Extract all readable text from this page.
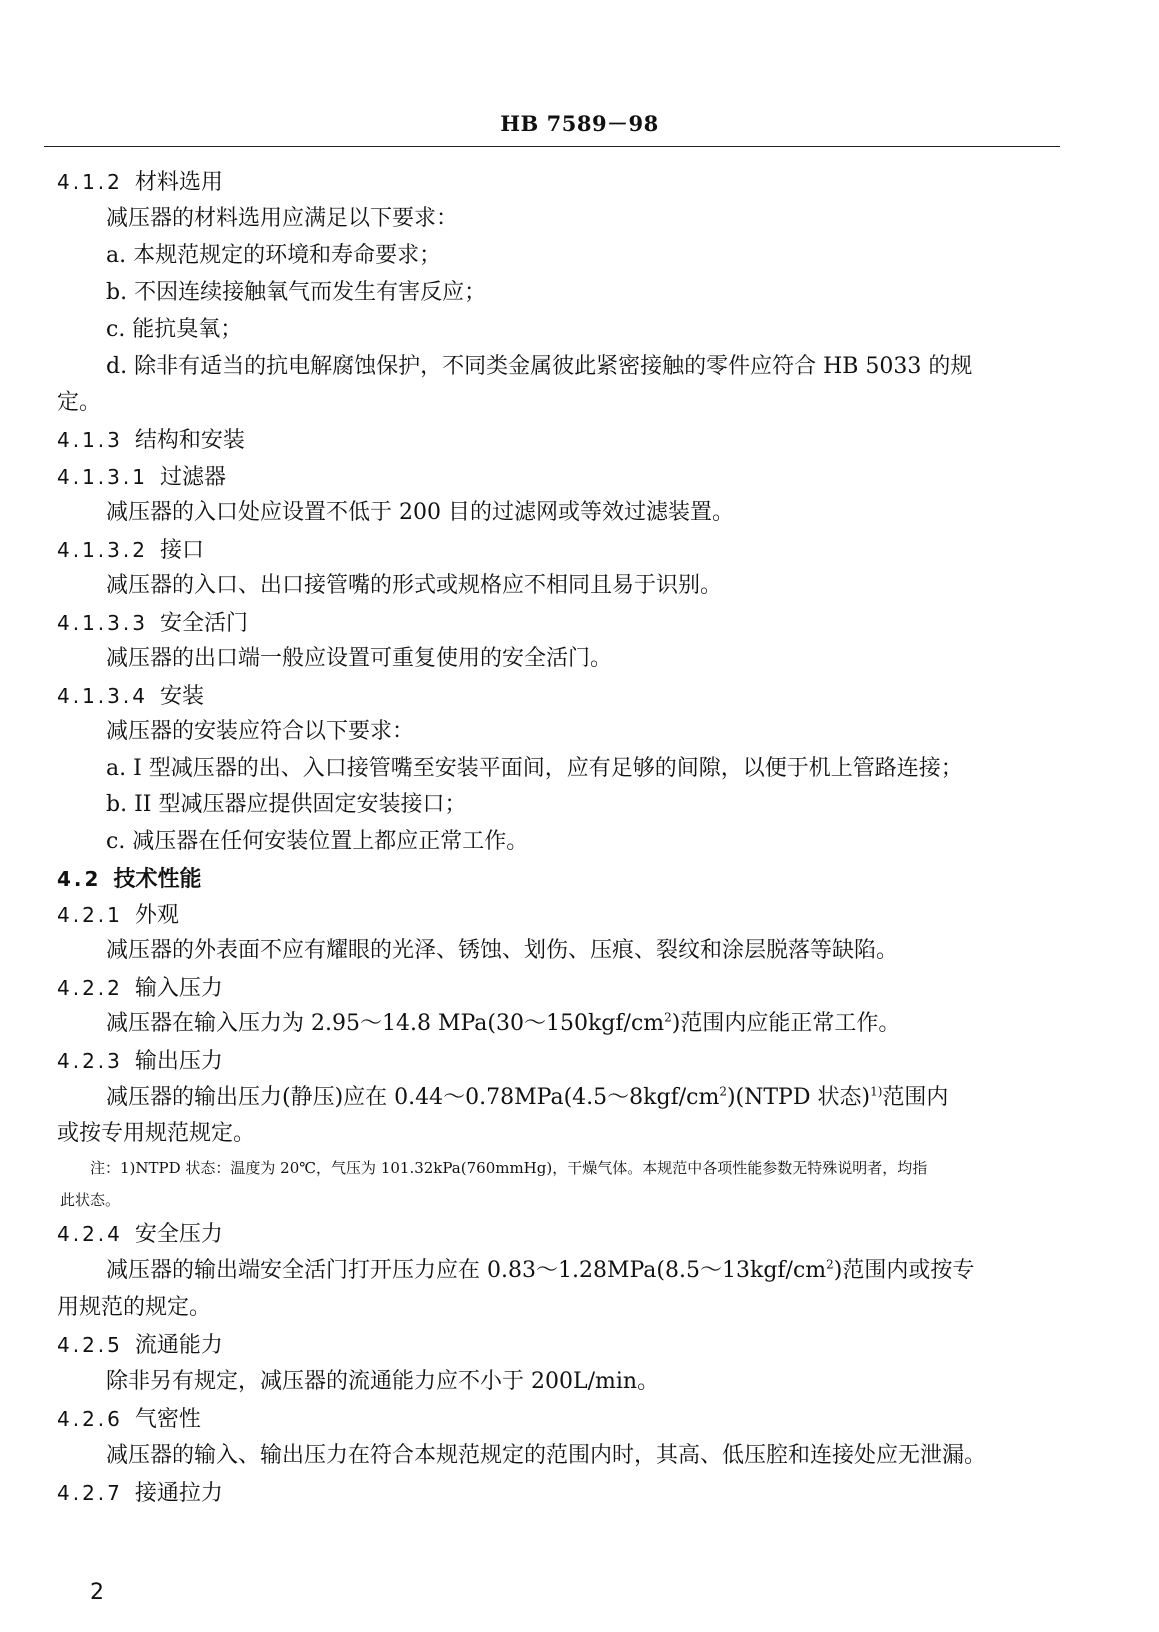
HB 7589－98
4.1.2 材料选用
减压器的材料选用应满足以下要求：
a. 本规范规定的环境和寿命要求；
b. 不因连续接触氧气而发生有害反应；
c. 能抗臭氧；
d. 除非有适当的抗电解腐蚀保护，不同类金属彼此紧密接触的零件应符合 HB 5033 的规
定。
4.1.3 结构和安装
4.1.3.1 过滤器
减压器的入口处应设置不低于 200 目的过滤网或等效过滤装置。
4.1.3.2 接口
减压器的入口、出口接管嘴的形式或规格应不相同且易于识别。
4.1.3.3 安全活门
减压器的出口端一般应设置可重复使用的安全活门。
4.1.3.4 安装
减压器的安装应符合以下要求：
a. I 型减压器的出、入口接管嘴至安装平面间，应有足够的间隙，以便于机上管路连接；
b. II 型减压器应提供固定安装接口；
c. 减压器在任何安装位置上都应正常工作。
4.2 技术性能
4.2.1 外观
减压器的外表面不应有耀眼的光泽、锈蚀、划伤、压痕、裂纹和涂层脱落等缺陷。
4.2.2 输入压力
减压器在输入压力为 2.95～14.8 $MPa(30\sim 150kgf/cm^2)$范围内应能正常工作。
4.2.3 输出压力
减压器的输出压力(静压)应在 $0.44\sim 0.78MPa(4.5\sim 8kgf/cm^2)(NTPD$ 状态)$^{1)}$范围内
或按专用规范规定。
注：1)NTPD 状态：温度为 20℃，气压为 101.32kPa(760mmHg)，干燥气体。本规范中各项性能参数无特殊说明者，均指
此状态。
4.2.4 安全压力
减压器的输出端安全活门打开压力应在 $0.83\sim 1.28MPa(8.5\sim 13kgf/cm^2)$范围内或按专
用规范的规定。
4.2.5 流通能力
除非另有规定，减压器的流通能力应不小于 200L/min。
4.2.6 气密性
减压器的输入、输出压力在符合本规范规定的范围内时，其高、低压腔和连接处应无泄漏。
4.2.7 接通拉力
2
